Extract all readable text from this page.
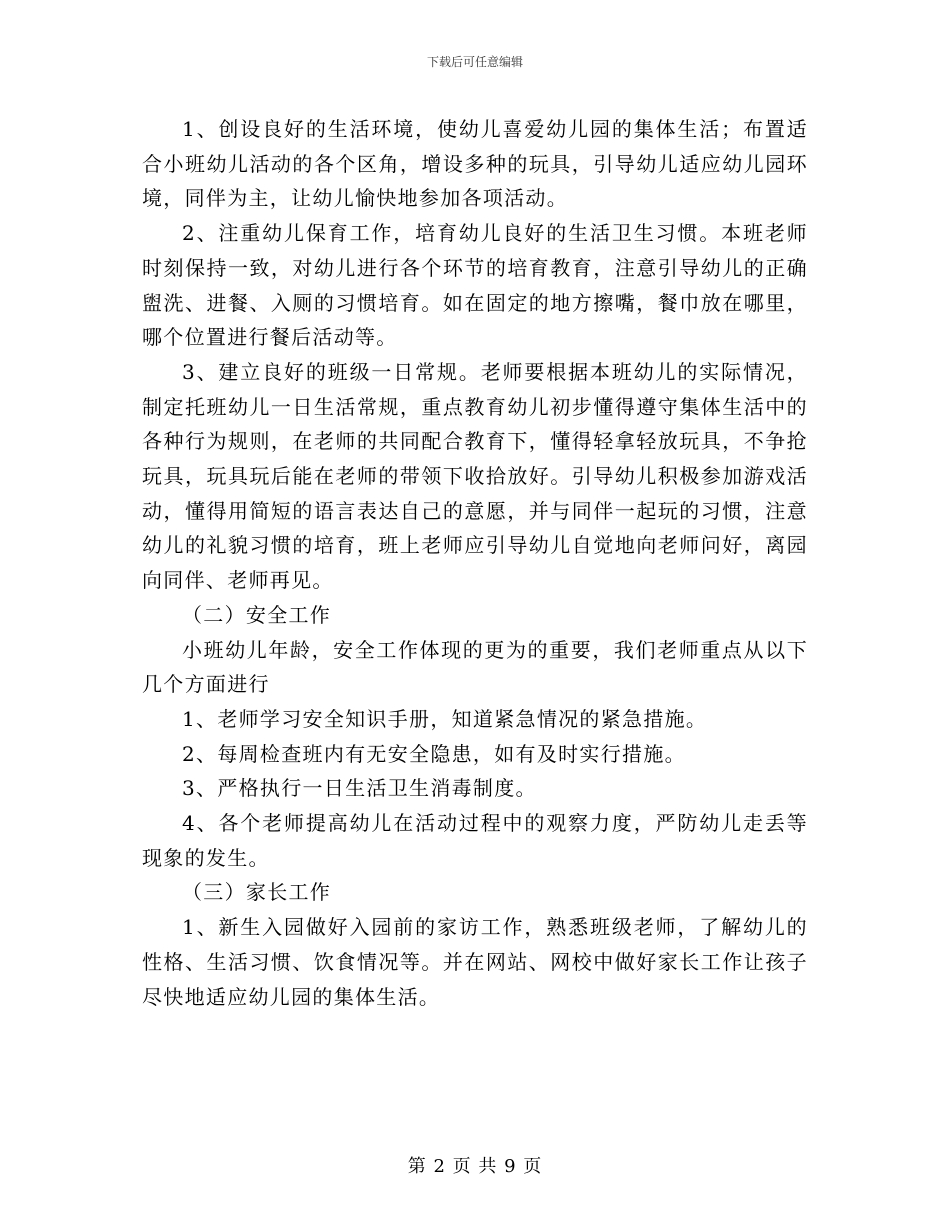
下载后可任意编辑

1、创设良好的生活环境，使幼儿喜爱幼儿园的集体生活；布置适合小班幼儿活动的各个区角，增设多种的玩具，引导幼儿适应幼儿园环境，同伴为主，让幼儿愉快地参加各项活动。

2、注重幼儿保育工作，培育幼儿良好的生活卫生习惯。本班老师时刻保持一致，对幼儿进行各个环节的培育教育，注意引导幼儿的正确盥洗、进餐、入厕的习惯培育。如在固定的地方擦嘴，餐巾放在哪里，哪个位置进行餐后活动等。

3、建立良好的班级一日常规。老师要根据本班幼儿的实际情况，制定托班幼儿一日生活常规，重点教育幼儿初步懂得遵守集体生活中的各种行为规则，在老师的共同配合教育下，懂得轻拿轻放玩具，不争抢玩具，玩具玩后能在老师的带领下收拾放好。引导幼儿积极参加游戏活动，懂得用简短的语言表达自己的意愿，并与同伴一起玩的习惯，注意幼儿的礼貌习惯的培育，班上老师应引导幼儿自觉地向老师问好，离园向同伴、老师再见。

（二）安全工作

小班幼儿年龄，安全工作体现的更为的重要，我们老师重点从以下几个方面进行

1、老师学习安全知识手册，知道紧急情况的紧急措施。

2、每周检查班内有无安全隐患，如有及时实行措施。

3、严格执行一日生活卫生消毒制度。

4、各个老师提高幼儿在活动过程中的观察力度，严防幼儿走丢等现象的发生。

（三）家长工作

1、新生入园做好入园前的家访工作，熟悉班级老师，了解幼儿的性格、生活习惯、饮食情况等。并在网站、网校中做好家长工作让孩子尽快地适应幼儿园的集体生活。

第 2 页 共 9 页
